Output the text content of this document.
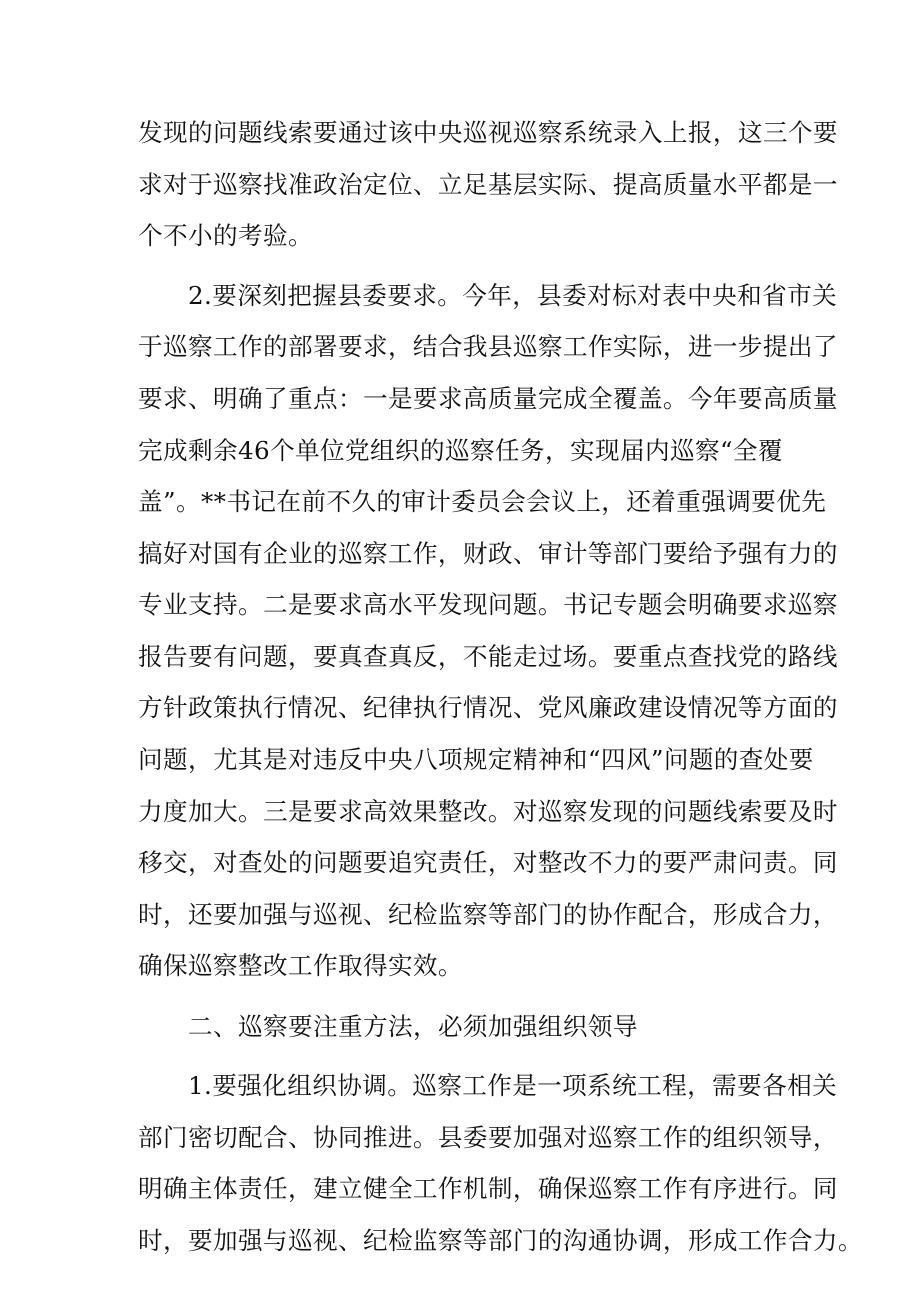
发现的问题线索要通过该中央巡视巡察系统录入上报，这三个要

求对于巡察找准政治定位、立足基层实际、提高质量水平都是一

个不小的考验。

2.要深刻把握县委要求。今年，县委对标对表中央和省市关

于巡察工作的部署要求，结合我县巡察工作实际，进一步提出了

要求、明确了重点：一是要求高质量完成全覆盖。今年要高质量

完成剩余46个单位党组织的巡察任务，实现届内巡察“全覆

盖”。**书记在前不久的审计委员会会议上，还着重强调要优先

搞好对国有企业的巡察工作，财政、审计等部门要给予强有力的

专业支持。二是要求高水平发现问题。书记专题会明确要求巡察

报告要有问题，要真查真反，不能走过场。要重点查找党的路线

方针政策执行情况、纪律执行情况、党风廉政建设情况等方面的

问题，尤其是对违反中央八项规定精神和“四风”问题的查处要

力度加大。三是要求高效果整改。对巡察发现的问题线索要及时

移交，对查处的问题要追究责任，对整改不力的要严肃问责。同

时，还要加强与巡视、纪检监察等部门的协作配合，形成合力，

确保巡察整改工作取得实效。

二、巡察要注重方法，必须加强组织领导

1.要强化组织协调。巡察工作是一项系统工程，需要各相关

部门密切配合、协同推进。县委要加强对巡察工作的组织领导，

明确主体责任，建立健全工作机制，确保巡察工作有序进行。同

时，要加强与巡视、纪检监察等部门的沟通协调，形成工作合力。
